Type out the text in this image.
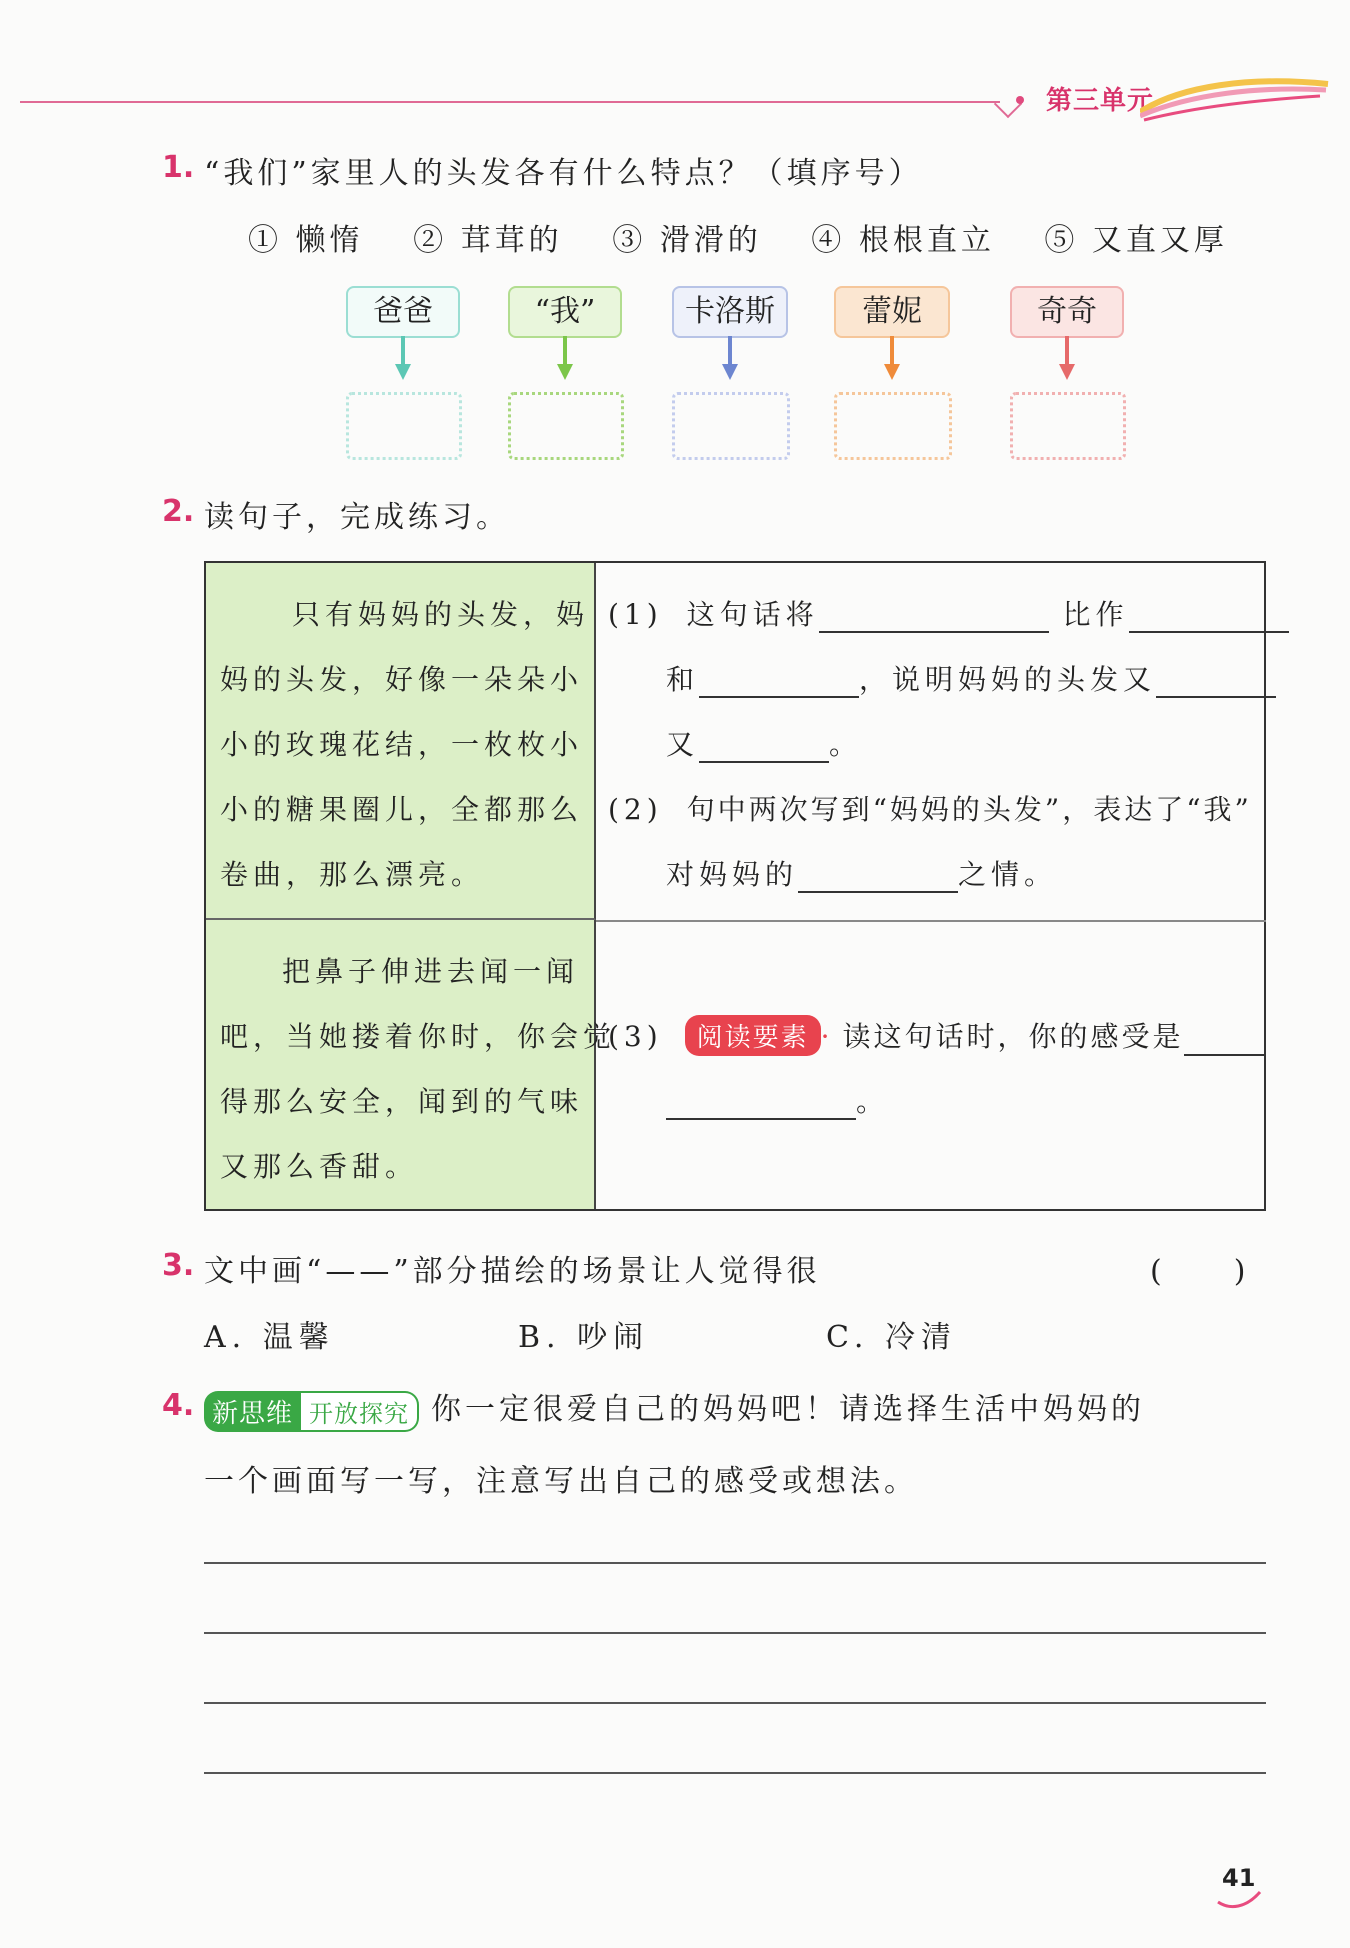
第三单元
1. “我们”家里人的头发各有什么特点？（填序号）
① 懒惰 ② 茸茸的 ③ 滑滑的 ④ 根根直立 ⑤ 又直又厚
爸爸	“我”	卡洛斯	蕾妮	奇奇
2. 读句子，完成练习。
只有妈妈的头发，妈
妈的头发，好像一朵朵小
小的玫瑰花结，一枚枚小
小的糖果圈儿，全都那么
卷曲，那么漂亮。
把鼻子伸进去闻一闻
吧，当她搂着你时，你会觉
得那么安全，闻到的气味
又那么香甜。
(1) 这句话将	比作
和	，说明妈妈的头发又
又	。
(2) 句中两次写到“妈妈的头发”，表达了“我”
对妈妈的	之情。
(3) 阅读要素 · 读这句话时，你的感受是
。
3. 文中画“——”部分描绘的场景让人觉得很	(　　)
A. 温馨	B. 吵闹	C. 冷清
4. 新思维 开放探究 你一定很爱自己的妈妈吧！请选择生活中妈妈的
一个画面写一写，注意写出自己的感受或想法。
41
